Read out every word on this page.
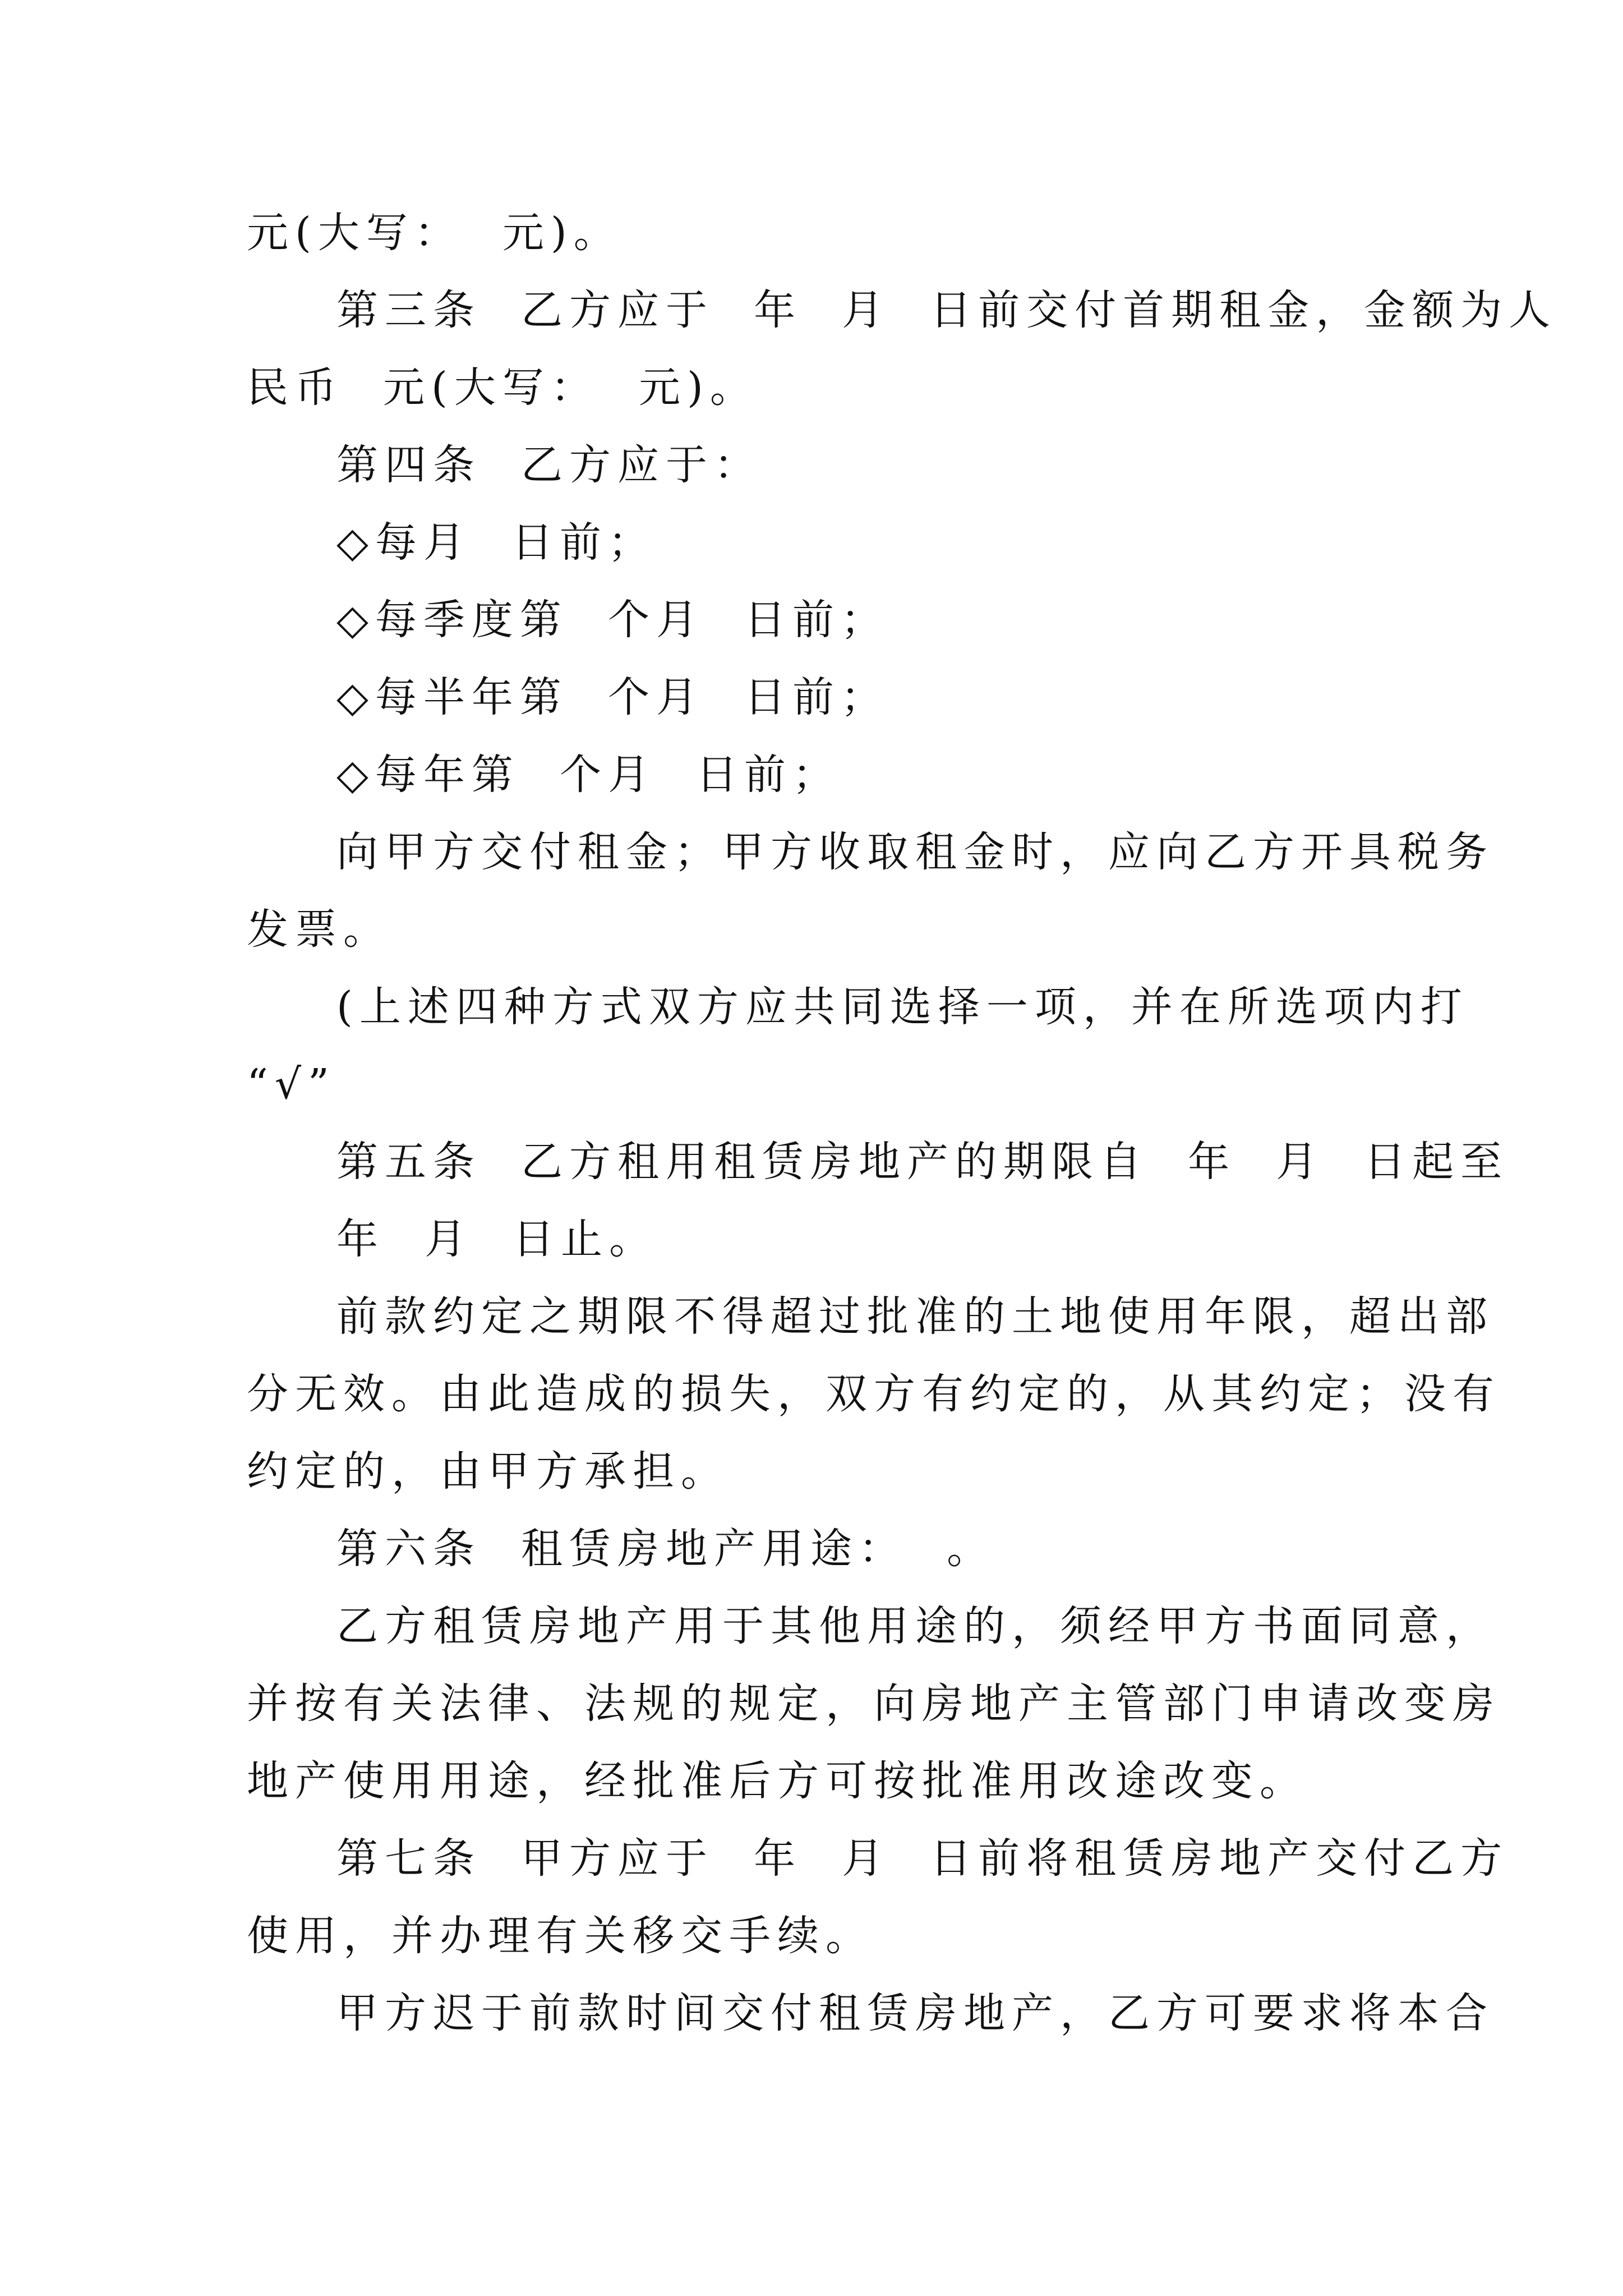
元(大写：  元)。
第三条  乙方应于  年  月  日前交付首期租金，金额为人
民币  元(大写：  元)。
第四条  乙方应于：
◇每月  日前；
◇每季度第  个月  日前；
◇每半年第  个月  日前；
◇每年第  个月  日前；
向甲方交付租金；甲方收取租金时，应向乙方开具税务
发票。
(上述四种方式双方应共同选择一项，并在所选项内打
“√”
第五条  乙方租用租赁房地产的期限自  年  月  日起至
年  月  日止。
前款约定之期限不得超过批准的土地使用年限，超出部
分无效。由此造成的损失，双方有约定的，从其约定；没有
约定的，由甲方承担。
第六条  租赁房地产用途：  。
乙方租赁房地产用于其他用途的，须经甲方书面同意，
并按有关法律、法规的规定，向房地产主管部门申请改变房
地产使用用途，经批准后方可按批准用改途改变。
第七条  甲方应于  年  月  日前将租赁房地产交付乙方
使用，并办理有关移交手续。
甲方迟于前款时间交付租赁房地产，乙方可要求将本合
